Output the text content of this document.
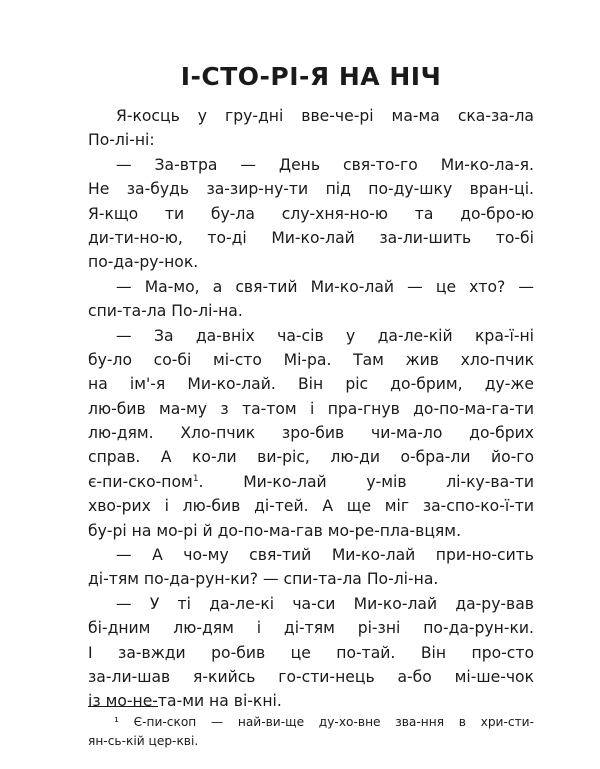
І-СТО-РІ-Я НА НІЧ
Я-косць у гру-дні вве-че-рі ма-ма ска-за-ла
По-лі-ні:
— За-втра — День свя-то-го Ми-ко-ла-я.
Не за-будь за-зир-ну-ти під по-ду-шку вран-ці.
Я-кщо ти бу-ла слу-хня-но-ю та до-бро-ю
ди-ти-но-ю, то-ді Ми-ко-лай за-ли-шить то-бі
по-да-ру-нок.
— Ма-мо, а свя-тий Ми-ко-лай — це хто? —
спи-та-ла По-лі-на.
— За да-вніх ча-сів у да-ле-кій кра-ї-ні
бу-ло со-бі мі-сто Мі-ра. Там жив хло-пчик
на ім'-я Ми-ко-лай. Він ріс до-брим, ду-же
лю-бив ма-му з та-том і пра-гнув до-по-ма-га-ти
лю-дям. Хло-пчик зро-бив чи-ма-ло до-брих
справ. А ко-ли ви-ріс, лю-ди о-бра-ли йо-го
є-пи-ско-пом$^1$. Ми-ко-лай у-мів лі-ку-ва-ти
хво-рих і лю-бив ді-тей. А ще міг за-спо-ко-ї-ти
бу-рі на мо-рі й до-по-ма-гав мо-ре-пла-вцям.
— А чо-му свя-тий Ми-ко-лай при-но-сить
ді-тям по-да-рун-ки? — спи-та-ла По-лі-на.
— У ті да-ле-кі ча-си Ми-ко-лай да-ру-вав
бі-дним лю-дям і ді-тям рі-зні по-да-рун-ки.
І за-вжди ро-бив це по-тай. Він про-сто
за-ли-шав я-кийсь го-сти-нець а-бо мі-ше-чок
із мо-не-та-ми на ві-кні.
¹ Є-пи-скоп — най-ви-ще ду-хо-вне зва-ння в хри-сти-
ян-сь-кій цер-кві.
